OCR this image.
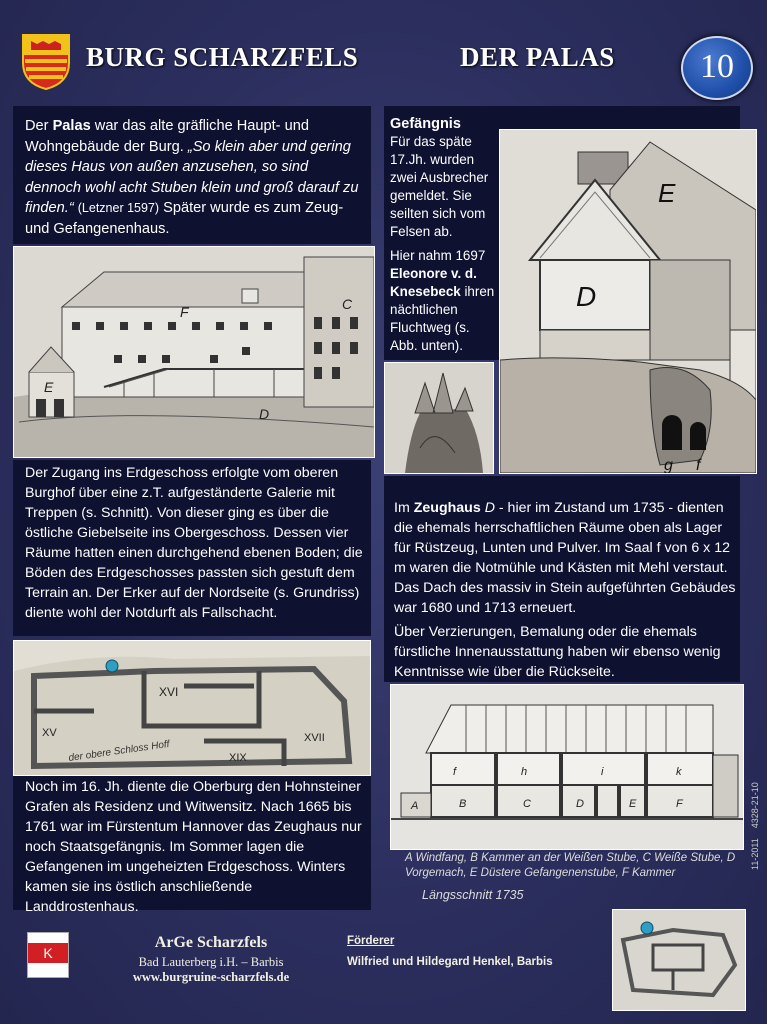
BURG SCHARZFELS	DER PALAS	10
Der Palas war das alte gräfliche Haupt- und Wohngebäude der Burg. „So klein aber und gering dieses Haus von außen anzusehen, so sind dennoch wohl acht Stuben klein und groß darauf zu finden.“ (Letzner 1597) Später wurde es zum Zeug- und Gefangenenhaus.
E
F	C
D
Gefängnis
Für das späte 17.Jh. wurden zwei Ausbrecher gemeldet. Sie seilten sich vom Felsen ab.
Hier nahm 1697 Eleonore v. d. Knesebeck ihren nächtlichen Fluchtweg (s. Abb. unten).
E
D
g f
Der Zugang ins Erdgeschoss erfolgte vom oberen Burghof über eine z.T. aufgeständerte Galerie mit Treppen (s. Schnitt). Von dieser ging es über die östliche Giebelseite ins Obergeschoss. Dessen vier Räume hatten einen durchgehend ebenen Boden; die Böden des Erdgeschosses passten sich gestuft dem Terrain an. Der Erker auf der Nordseite (s. Grundriss) diente wohl der Notdurft als Fallschacht.
Im Zeughaus D - hier im Zustand um 1735 - dienten die ehemals herrschaftlichen Räume oben als Lager für Rüstzeug, Lunten und Pulver. Im Saal f von 6 x 12 m waren die Notmühle und Kästen mit Mehl verstaut. Das Dach des massiv in Stein aufgeführten Gebäudes war 1680 und 1713 erneuert.
Über Verzierungen, Bemalung oder die ehemals fürstliche Innenausstattung haben wir ebenso wenig Kenntnisse wie über die Rückseite.
XVI
XV	XVII
XIX
der obere Schloss Hoff
f	h	i	k
A	B	C	D	E	F
A Windfang, B Kammer an der Weißen Stube, C Weiße Stube, D Vorgemach, E Düstere Gefangenenstube, F Kammer
Längsschnitt 1735
Noch im 16. Jh. diente die Oberburg den Hohnsteiner Grafen als Residenz und Witwensitz. Nach 1665 bis 1761 war im Fürstentum Hannover das Zeughaus nur noch Staatsgefängnis. Im Sommer lagen die Gefangenen im ungeheizten Erdgeschoss. Winters kamen sie ins östlich anschließende Landdrostenhaus.
11-2011    4328-21-10
K
ArGe Scharzfels
Bad Lauterberg i.H. – Barbis
www.burgruine-scharzfels.de
Förderer
Wilfried und Hildegard Henkel, Barbis
